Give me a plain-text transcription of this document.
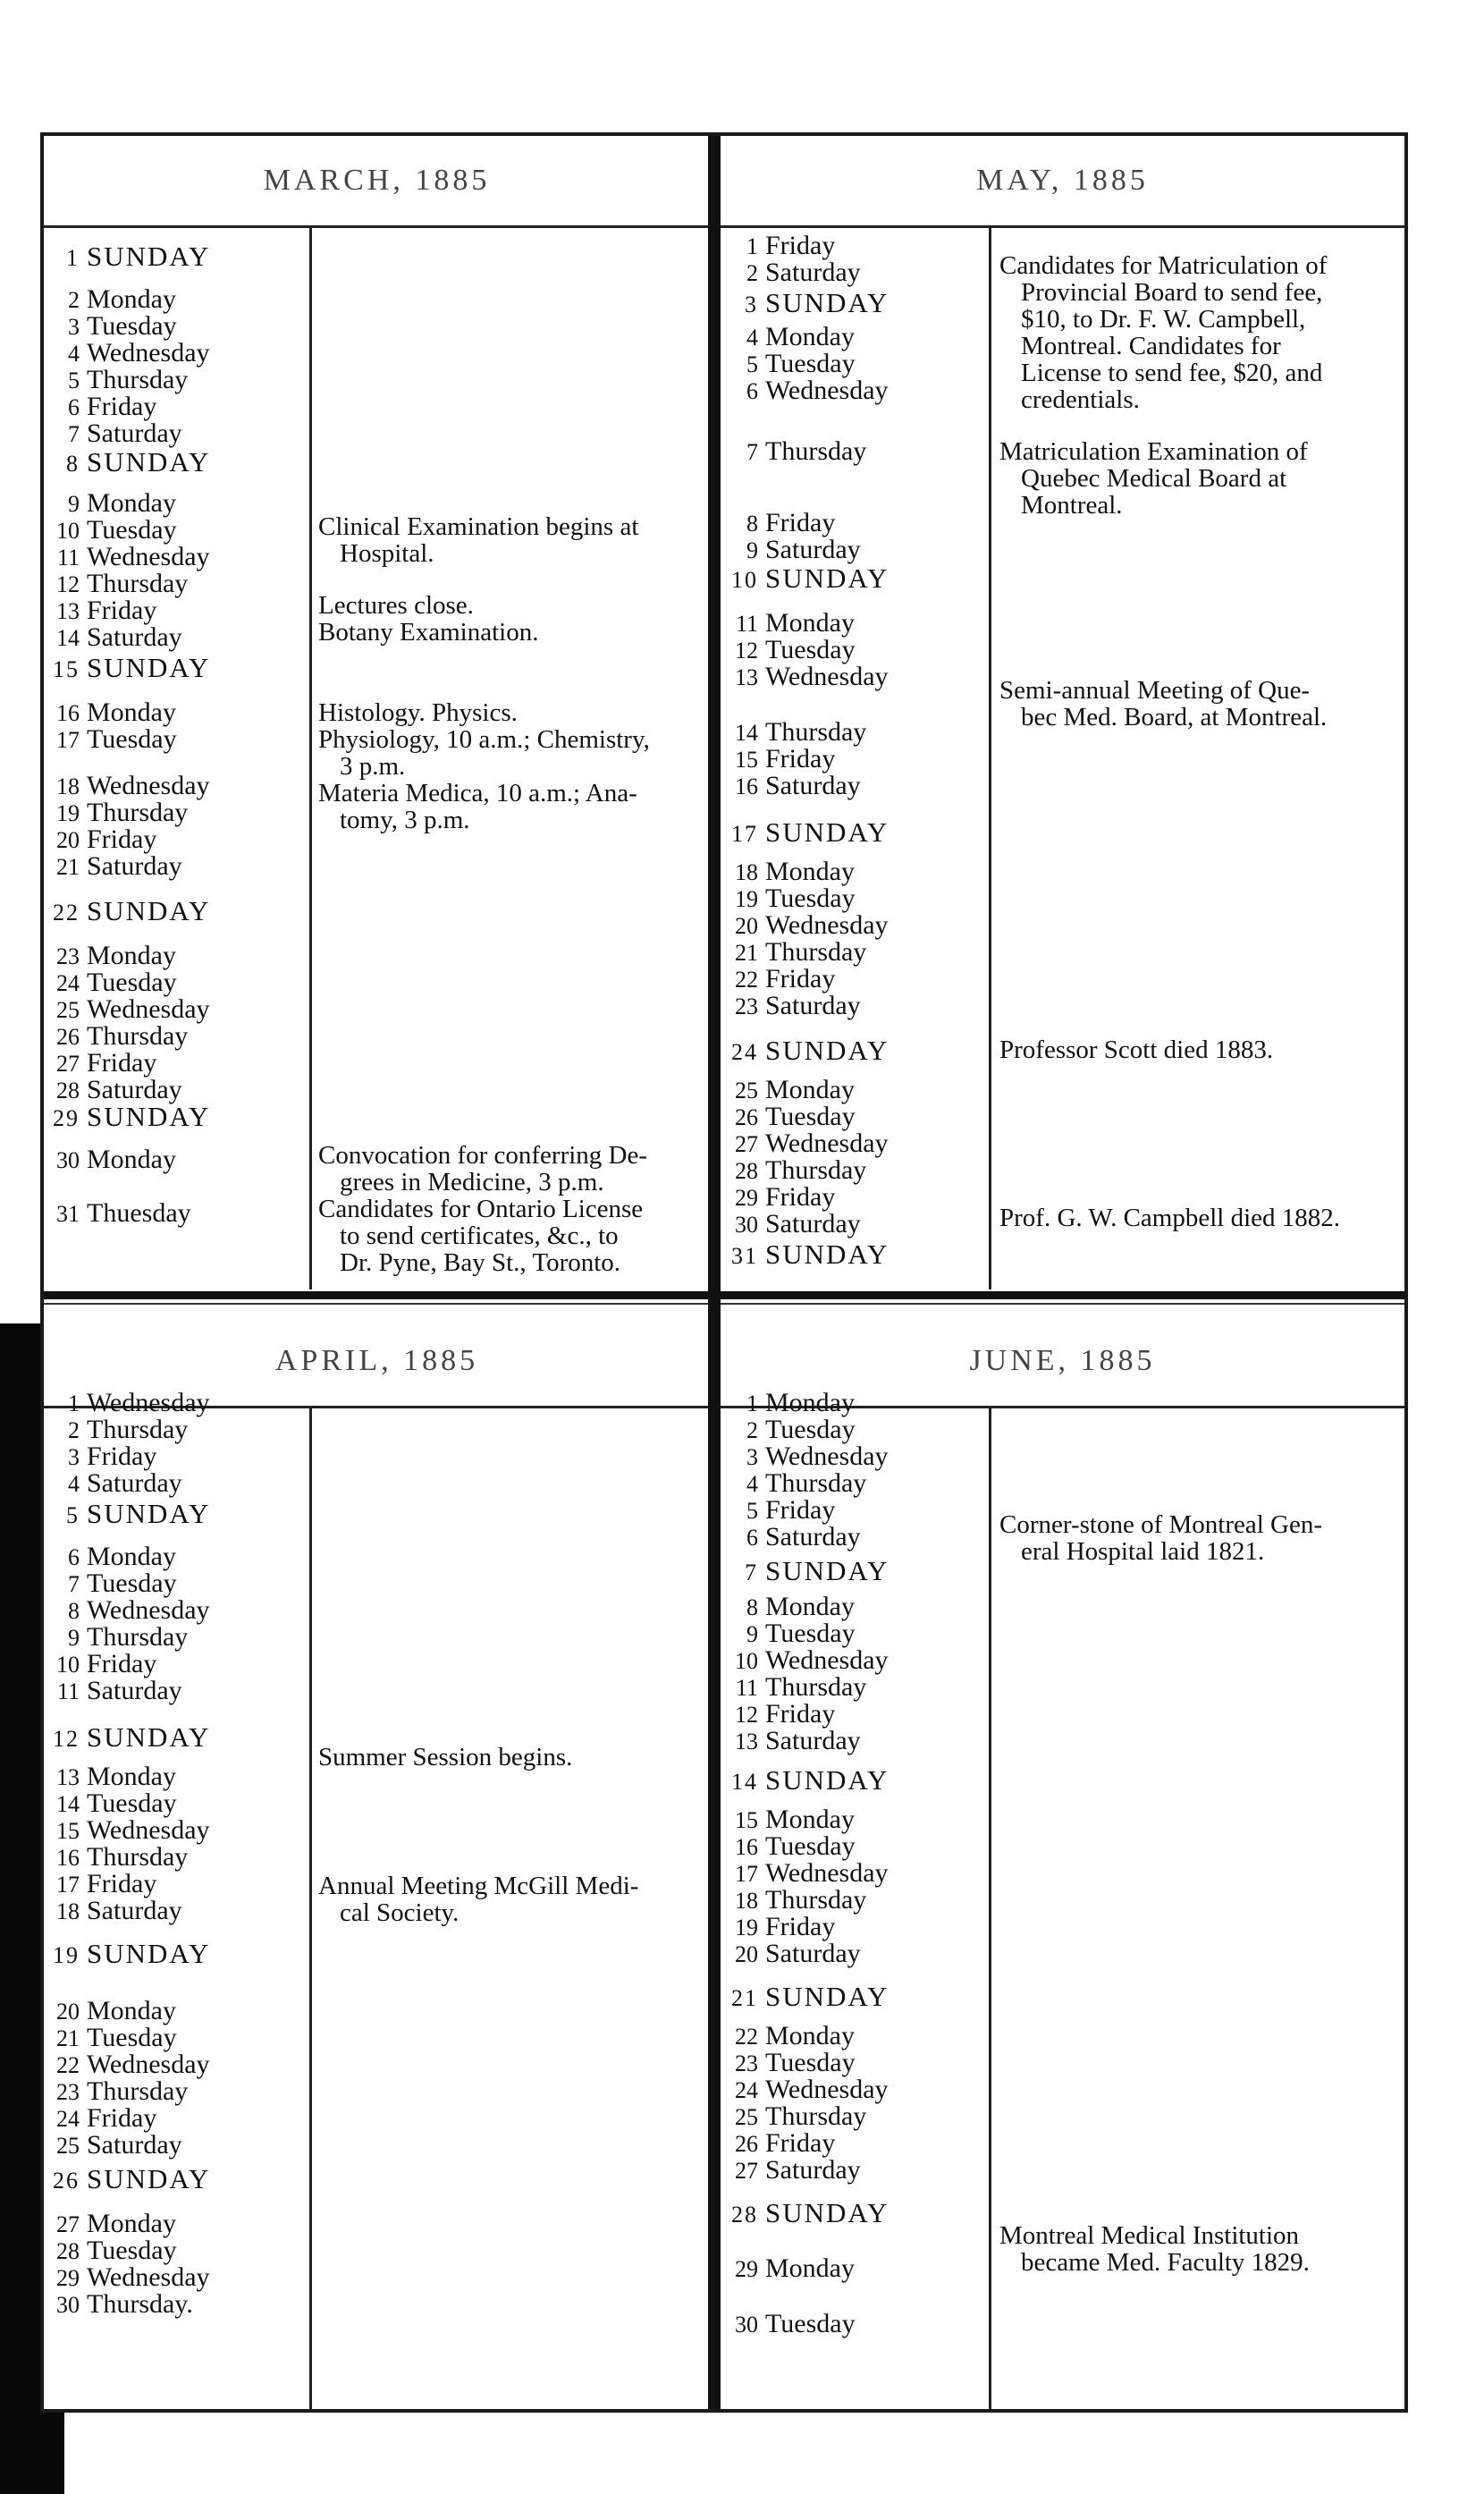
MARCH, 1885
1 SUNDAY
2 Monday
3 Tuesday
4 Wednesday
5 Thursday
6 Friday
7 Saturday
8 SUNDAY
9 Monday
10 Tuesday
11 Wednesday
12 Thursday
13 Friday
14 Saturday
15 SUNDAY
16 Monday
17 Tuesday
18 Wednesday
19 Thursday
20 Friday
21 Saturday
22 SUNDAY
23 Monday
24 Tuesday
25 Wednesday
26 Thursday
27 Friday
28 Saturday
29 SUNDAY
30 Monday
31 Thuesday
Clinical Examination begins at
Hospital.
Lectures close.
Botany Examination.
Histology. Physics.
Physiology, 10 a.m.; Chemistry,
3 p.m.
Materia Medica, 10 a.m.; Ana-
tomy, 3 p.m.
Convocation for conferring De-
grees in Medicine, 3 p.m.
Candidates for Ontario License
to send certificates, &c., to
Dr. Pyne, Bay St., Toronto.
MAY, 1885
1 Friday
2 Saturday
3 SUNDAY
4 Monday
5 Tuesday
6 Wednesday
7 Thursday
8 Friday
9 Saturday
10 SUNDAY
11 Monday
12 Tuesday
13 Wednesday
14 Thursday
15 Friday
16 Saturday
17 SUNDAY
18 Monday
19 Tuesday
20 Wednesday
21 Thursday
22 Friday
23 Saturday
24 SUNDAY
25 Monday
26 Tuesday
27 Wednesday
28 Thursday
29 Friday
30 Saturday
31 SUNDAY
Candidates for Matriculation of
Provincial Board to send fee,
$10, to Dr. F. W. Campbell,
Montreal. Candidates for
License to send fee, $20, and
credentials.
Matriculation Examination of
Quebec Medical Board at
Montreal.
Semi-annual Meeting of Que-
bec Med. Board, at Montreal.
Professor Scott died 1883.
Prof. G. W. Campbell died 1882.
APRIL, 1885
1 Wednesday
2 Thursday
3 Friday
4 Saturday
5 SUNDAY
6 Monday
7 Tuesday
8 Wednesday
9 Thursday
10 Friday
11 Saturday
12 SUNDAY
13 Monday
14 Tuesday
15 Wednesday
16 Thursday
17 Friday
18 Saturday
19 SUNDAY
20 Monday
21 Tuesday
22 Wednesday
23 Thursday
24 Friday
25 Saturday
26 SUNDAY
27 Monday
28 Tuesday
29 Wednesday
30 Thursday.
Summer Session begins.
Annual Meeting McGill Medi-
cal Society.
JUNE, 1885
1 Monday
2 Tuesday
3 Wednesday
4 Thursday
5 Friday
6 Saturday
7 SUNDAY
8 Monday
9 Tuesday
10 Wednesday
11 Thursday
12 Friday
13 Saturday
14 SUNDAY
15 Monday
16 Tuesday
17 Wednesday
18 Thursday
19 Friday
20 Saturday
21 SUNDAY
22 Monday
23 Tuesday
24 Wednesday
25 Thursday
26 Friday
27 Saturday
28 SUNDAY
29 Monday
30 Tuesday
Corner-stone of Montreal Gen-
eral Hospital laid 1821.
Montreal Medical Institution
became Med. Faculty 1829.
